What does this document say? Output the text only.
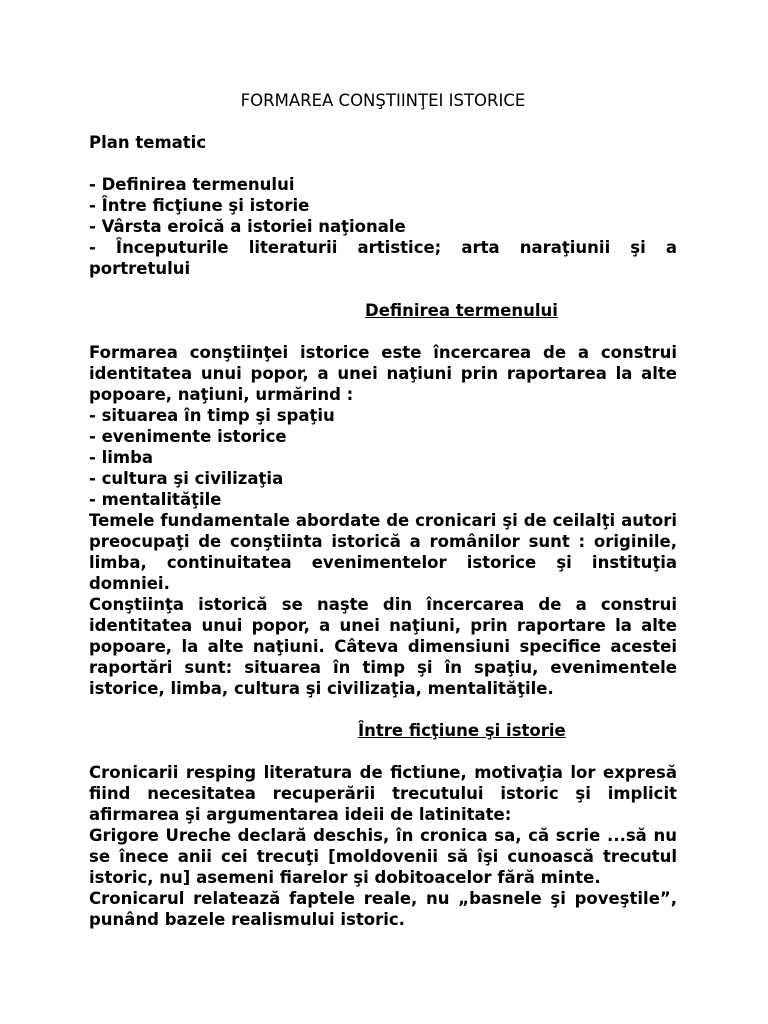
FORMAREA CONŞTIINŢEI ISTORICE

Plan tematic

- Definirea termenului
- Între ficţiune şi istorie
- Vârsta eroică a istoriei naţionale
- Începuturile literaturii artistice; arta naraţiunii şi a portretului

Definirea termenului

Formarea conştiinţei istorice este încercarea de a construi identitatea unui popor, a unei naţiuni prin raportarea la alte popoare, naţiuni, urmărind :

- situarea în timp şi spaţiu
- evenimente istorice
- limba
- cultura şi civilizaţia
- mentalităţile

Temele fundamentale abordate de cronicari şi de ceilalţi autori preocupaţi de conştiinta istorică a românilor sunt : originile, limba, continuitatea evenimentelor istorice şi instituţia domniei.

Conştiinţa istorică se naşte din încercarea de a construi identitatea unui popor, a unei naţiuni, prin raportare la alte popoare, la alte naţiuni. Câteva dimensiuni specifice acestei raportări sunt: situarea în timp şi în spaţiu, evenimentele istorice, limba, cultura şi civilizaţia, mentalităţile.

Între ficţiune şi istorie

Cronicarii resping literatura de fictiune, motivaţia lor expresă fiind necesitatea recuperării trecutului istoric şi implicit afirmarea şi argumentarea ideii de latinitate:

Grigore Ureche declară deschis, în cronica sa, că scrie ...să nu se înece anii cei trecuţi [moldovenii să îşi cunoască trecutul istoric, nu] asemeni fiarelor şi dobitoacelor fără minte.

Cronicarul relatează faptele reale, nu „basnele şi poveştile”, punând bazele realismului istoric.
